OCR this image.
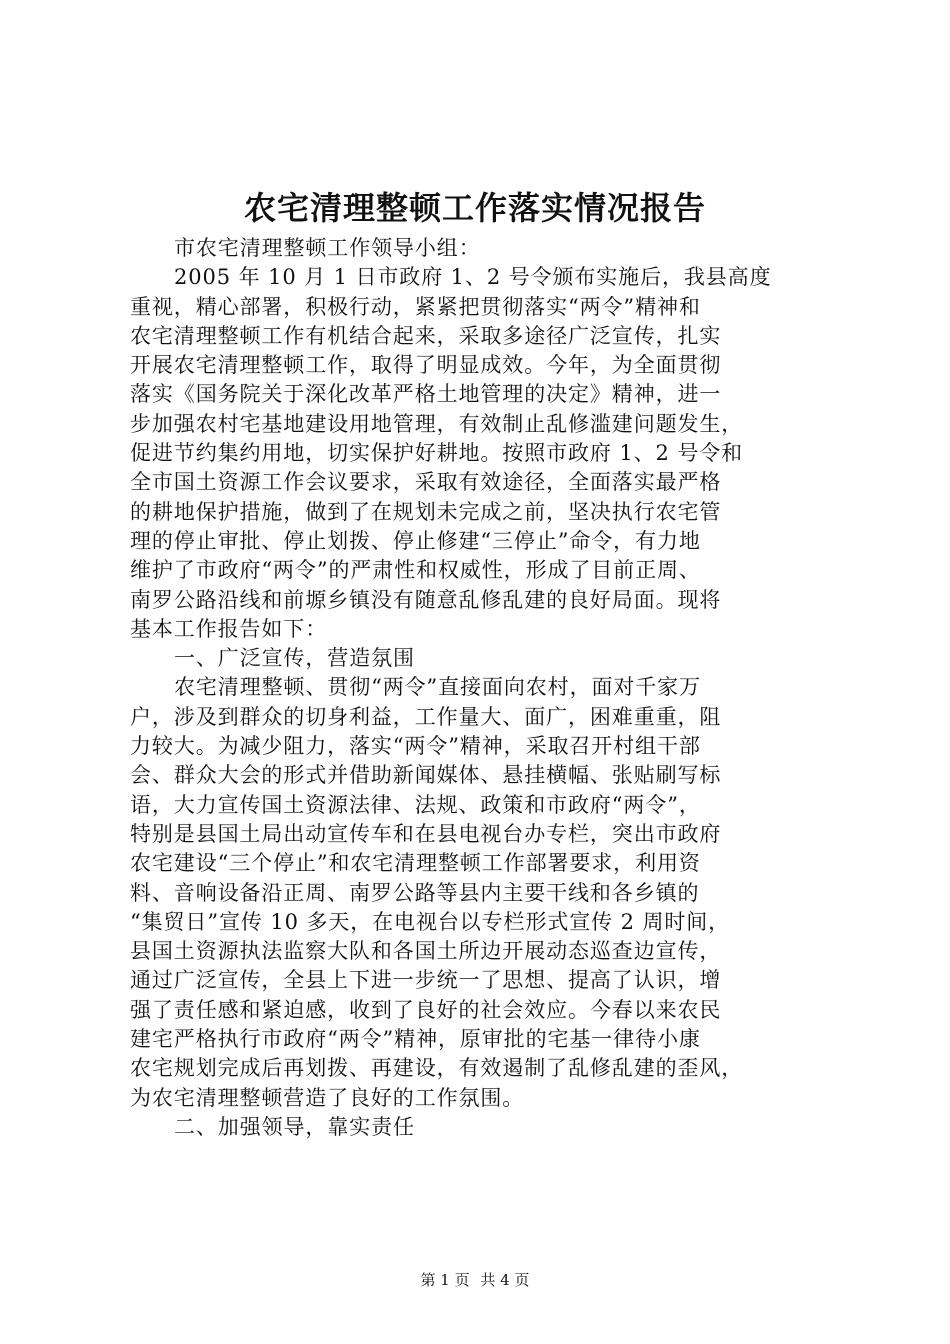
农宅清理整顿工作落实情况报告
市农宅清理整顿工作领导小组：
2005 年 10 月 1 日市政府 1、2 号令颁布实施后，我县高度
重视，精心部署，积极行动，紧紧把贯彻落实“两令”精神和
农宅清理整顿工作有机结合起来，采取多途径广泛宣传，扎实
开展农宅清理整顿工作，取得了明显成效。今年，为全面贯彻
落实《国务院关于深化改革严格土地管理的决定》精神，进一
步加强农村宅基地建设用地管理，有效制止乱修滥建问题发生，
促进节约集约用地，切实保护好耕地。按照市政府 1、2 号令和
全市国土资源工作会议要求，采取有效途径，全面落实最严格
的耕地保护措施，做到了在规划未完成之前，坚决执行农宅管
理的停止审批、停止划拨、停止修建“三停止”命令，有力地
维护了市政府“两令”的严肃性和权威性，形成了目前正周、
南罗公路沿线和前塬乡镇没有随意乱修乱建的良好局面。现将
基本工作报告如下：
一、广泛宣传，营造氛围
农宅清理整顿、贯彻“两令”直接面向农村，面对千家万
户，涉及到群众的切身利益，工作量大、面广，困难重重，阻
力较大。为减少阻力，落实“两令”精神，采取召开村组干部
会、群众大会的形式并借助新闻媒体、悬挂横幅、张贴刷写标
语，大力宣传国土资源法律、法规、政策和市政府“两令”，
特别是县国土局出动宣传车和在县电视台办专栏，突出市政府
农宅建设“三个停止”和农宅清理整顿工作部署要求，利用资
料、音响设备沿正周、南罗公路等县内主要干线和各乡镇的
“集贸日”宣传 10 多天，在电视台以专栏形式宣传 2 周时间，
县国土资源执法监察大队和各国土所边开展动态巡查边宣传，
通过广泛宣传，全县上下进一步统一了思想、提高了认识，增
强了责任感和紧迫感，收到了良好的社会效应。今春以来农民
建宅严格执行市政府“两令”精神，原审批的宅基一律待小康
农宅规划完成后再划拨、再建设，有效遏制了乱修乱建的歪风，
为农宅清理整顿营造了良好的工作氛围。
二、加强领导，靠实责任
第 1 页 共 4 页
